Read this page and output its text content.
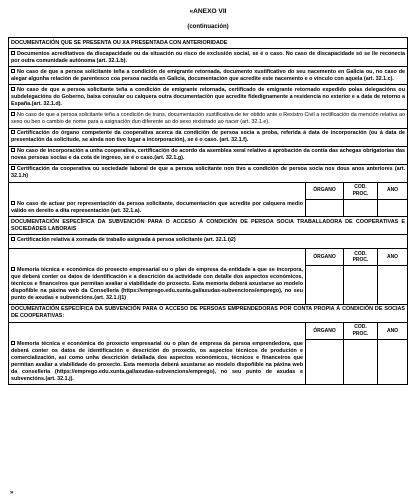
«ANEXO VII
(continuación)
DOCUMENTACIÓN QUE SE PRESENTA OU XA PRESENTADA CON ANTERIORIDADE			
Documentos acreditativos da discapacidade ou da situación ou risco de exclusión social, se é o caso. No caso de discapacidade só se lle reconecia por outra comunidade autónoma (art. 32.1.b).			
No caso de que a persoa solicitante teña a condición de emigrante retornada, documento xustificativo do seu nacemento en Galicia ou, no caso de alegar algunha relación de parentesco coa persoa nacida en Galicia, documentación que acredite este nacemento e o vínculo con aquela (art. 32.1.c).			
No caso de que a persoa solicitante teña a condición de emigrante retornada, certificado de emigrante retornado expedido polas delegacións ou subdelegacións do Goberno, baixa consular ou calquera outra documentación que acredite fidedignamente a residencia no exterior e a data de retorno a España.(art. 32.1.d).			
No caso de que a persoa solicitante teña a condición de trans, documentación xustificativa de ter obtido ante o Rexistro Civil a rectificación da mención relativa ao sexo ou ben o cambio de nome para a asignación dun diferente ao do sexo rexistrado ao nacer (art. 32.1.e).			
Certificación do órgano competente da cooperativa acerca da condición de persoa socia a proba, referida á data de incorporación (ou á data de presentación da solicitude, se ainda non tivo lugar a incorporación), se é o caso. (art. 32.1.f).			
No caso de incorporación a unha cooperativa, certificación do acordo da asemblea xeral relativo á aprobación da contía das achegas obrigatorias das novas persoas socias e da cota de ingreso, se é o caso.(art. 32.1.g).			
Certificación da cooperativa ou sociedade laboral de que a persoa solicitante non tivo a condición de persoa socia nos dous anos anteriores (art. 32.1.h)			
	ÓRGANO	COD. PROC.	ANO
No caso de actuar por representación da persoa solicitante, documentación que acredite por calquera medio válido en dereito a dita representación (art. 32.1.a).			
DOCUMENTACIÓN ESPECÍFICA DA SUBVENCIÓN PARA O ACCESO Á CONDICIÓN DE PERSOA SOCIA TRABALLADORA DE COOPERATIVAS E SOCIEDADES LABORAIS			
Certificación relativa á xornada de traballo asignada á persoa solicitante (art. 32.1.i)2)			
	ÓRGANO	COD. PROC.	ANO
Memoria técnica e económica do proxecto empresarial ou o plan de empresa da entidade a que se incorpora, que deberá conter os datos de identificación e a descrición da actividade con detalle dos aspectos económicos, técnicos e financeiros que permitan avaliar a viabilidade do proxecto. Esta memoria deberá axustarse ao modelo dispoñible na páxina web da Consellería (https://emprego.edu.xunta.gal/axudas-subvencions/emprego), no seu punto de axudas e subvencións.(art. 32.1.i)1)			
DOCUMENTACIÓN ESPECÍFICA DA SUBVENCIÓN PARA O ACCESO DE PERSOAS EMPRENDEDORAS POR CONTA PROPIA Á CONDICIÓN DE SOCIAS DE COOPERATIVAS:			
	ÓRGANO	COD. PROC.	ANO
Memoria técnica e económica do proxecto empresarial ou o plan de empresa da persoa emprendedora, que deberá conter os datos de identificación e descrición do proxecto, os aspectos técnicos de produción e comercialización, así como unha descrición detallada dos aspectos económicos, técnicos e financeiros que permitan avaliar a viabilidade do proxecto. Esta memoria deberá axustarse ao modelo dispoñible na páxina web da consellería (https://emprego.edu.xunta.gal/axudas-subvencions/emprego), no seu punto de axudas e subvencións.(art. 32.1.j).			
»
